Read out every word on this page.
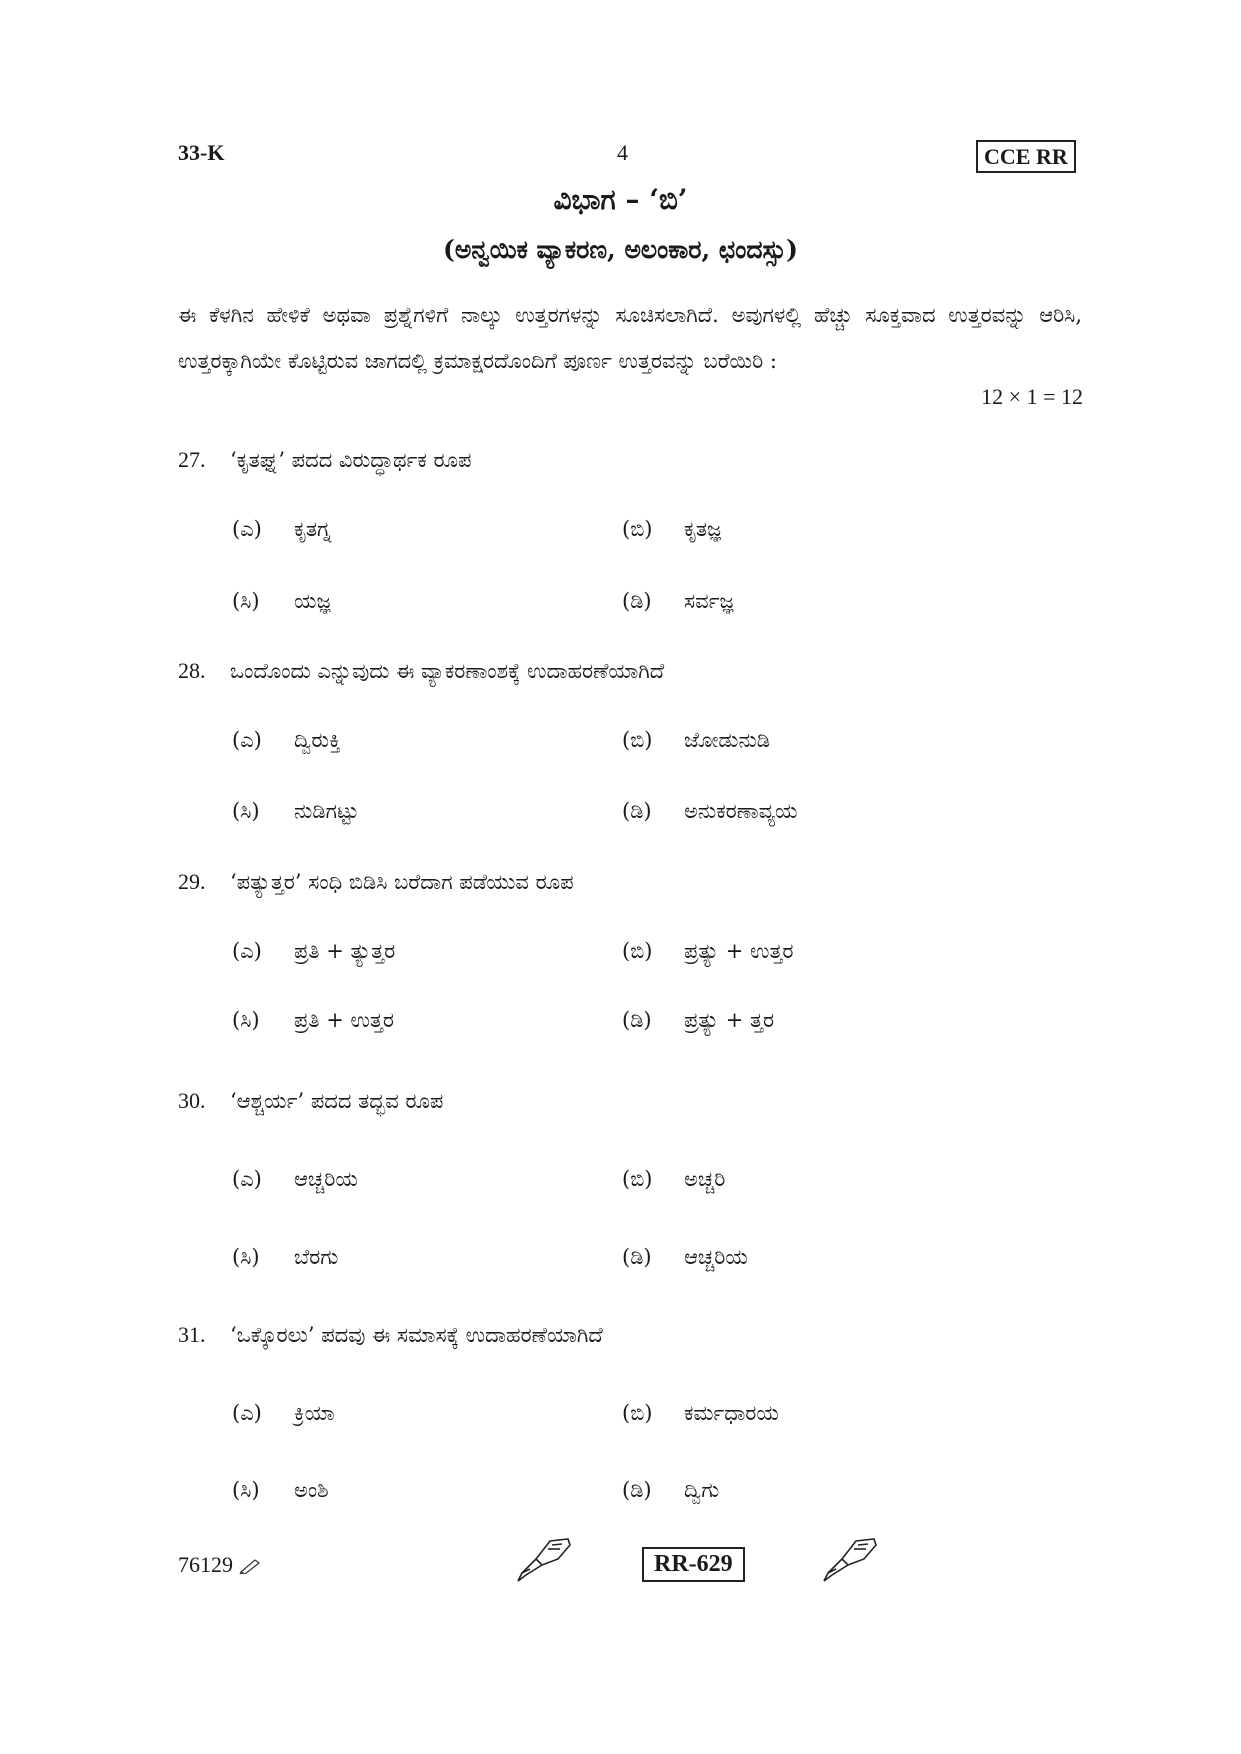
33-K	4	CCE RR
ವಿಭಾಗ – ‘ಬಿ’
(ಅನ್ವಯಿಕ ವ್ಯಾಕರಣ, ಅಲಂಕಾರ, ಛಂದಸ್ಸು)
ಈ ಕೆಳಗಿನ ಹೇಳಿಕೆ ಅಥವಾ ಪ್ರಶ್ನೆಗಳಿಗೆ ನಾಲ್ಕು ಉತ್ತರಗಳನ್ನು ಸೂಚಿಸಲಾಗಿದೆ. ಅವುಗಳಲ್ಲಿ ಹೆಚ್ಚು ಸೂಕ್ತವಾದ ಉತ್ತರವನ್ನು ಆರಿಸಿ, ಉತ್ತರಕ್ಕಾಗಿಯೇ ಕೊಟ್ಟಿರುವ ಜಾಗದಲ್ಲಿ ಕ್ರಮಾಕ್ಷರದೊಂದಿಗೆ ಪೂರ್ಣ ಉತ್ತರವನ್ನು ಬರೆಯಿರಿ :
12 × 1 = 12
27. ‘ಕೃತಘ್ನ’ ಪದದ ವಿರುದ್ಧಾರ್ಥಕ ರೂಪ
(ಎ) ಕೃತಗ್ನ	(ಬಿ) ಕೃತಜ್ಞ
(ಸಿ) ಯಜ್ಞ	(ಡಿ) ಸರ್ವಜ್ಞ
28. ಒಂದೊಂದು ಎನ್ನುವುದು ಈ ವ್ಯಾಕರಣಾಂಶಕ್ಕೆ ಉದಾಹರಣೆಯಾಗಿದೆ
(ಎ) ದ್ವಿರುಕ್ತಿ	(ಬಿ) ಜೋಡುನುಡಿ
(ಸಿ) ನುಡಿಗಟ್ಟು	(ಡಿ) ಅನುಕರಣಾವ್ಯಯ
29. ‘ಪತ್ಯುತ್ತರ’ ಸಂಧಿ ಬಿಡಿಸಿ ಬರೆದಾಗ ಪಡೆಯುವ ರೂಪ
(ಎ) ಪ್ರತಿ + ತ್ಯುತ್ತರ	(ಬಿ) ಪ್ರತ್ಯು + ಉತ್ತರ
(ಸಿ) ಪ್ರತಿ + ಉತ್ತರ	(ಡಿ) ಪ್ರತ್ಯು + ತ್ತರ
30. ‘ಆಶ್ಚರ್ಯ’ ಪದದ ತದ್ಭವ ರೂಪ
(ಎ) ಆಚ್ಚರಿಯ	(ಬಿ) ಅಚ್ಚರಿ
(ಸಿ) ಬೆರಗು	(ಡಿ) ಆಚ್ಚರಿಯ
31. ‘ಒಕ್ಕೊರಲು’ ಪದವು ಈ ಸಮಾಸಕ್ಕೆ ಉದಾಹರಣೆಯಾಗಿದೆ
(ಎ) ಕ್ರಿಯಾ	(ಬಿ) ಕರ್ಮಧಾರಯ
(ಸಿ) ಅಂಶಿ	(ಡಿ) ದ್ವಿಗು
76129	RR-629
